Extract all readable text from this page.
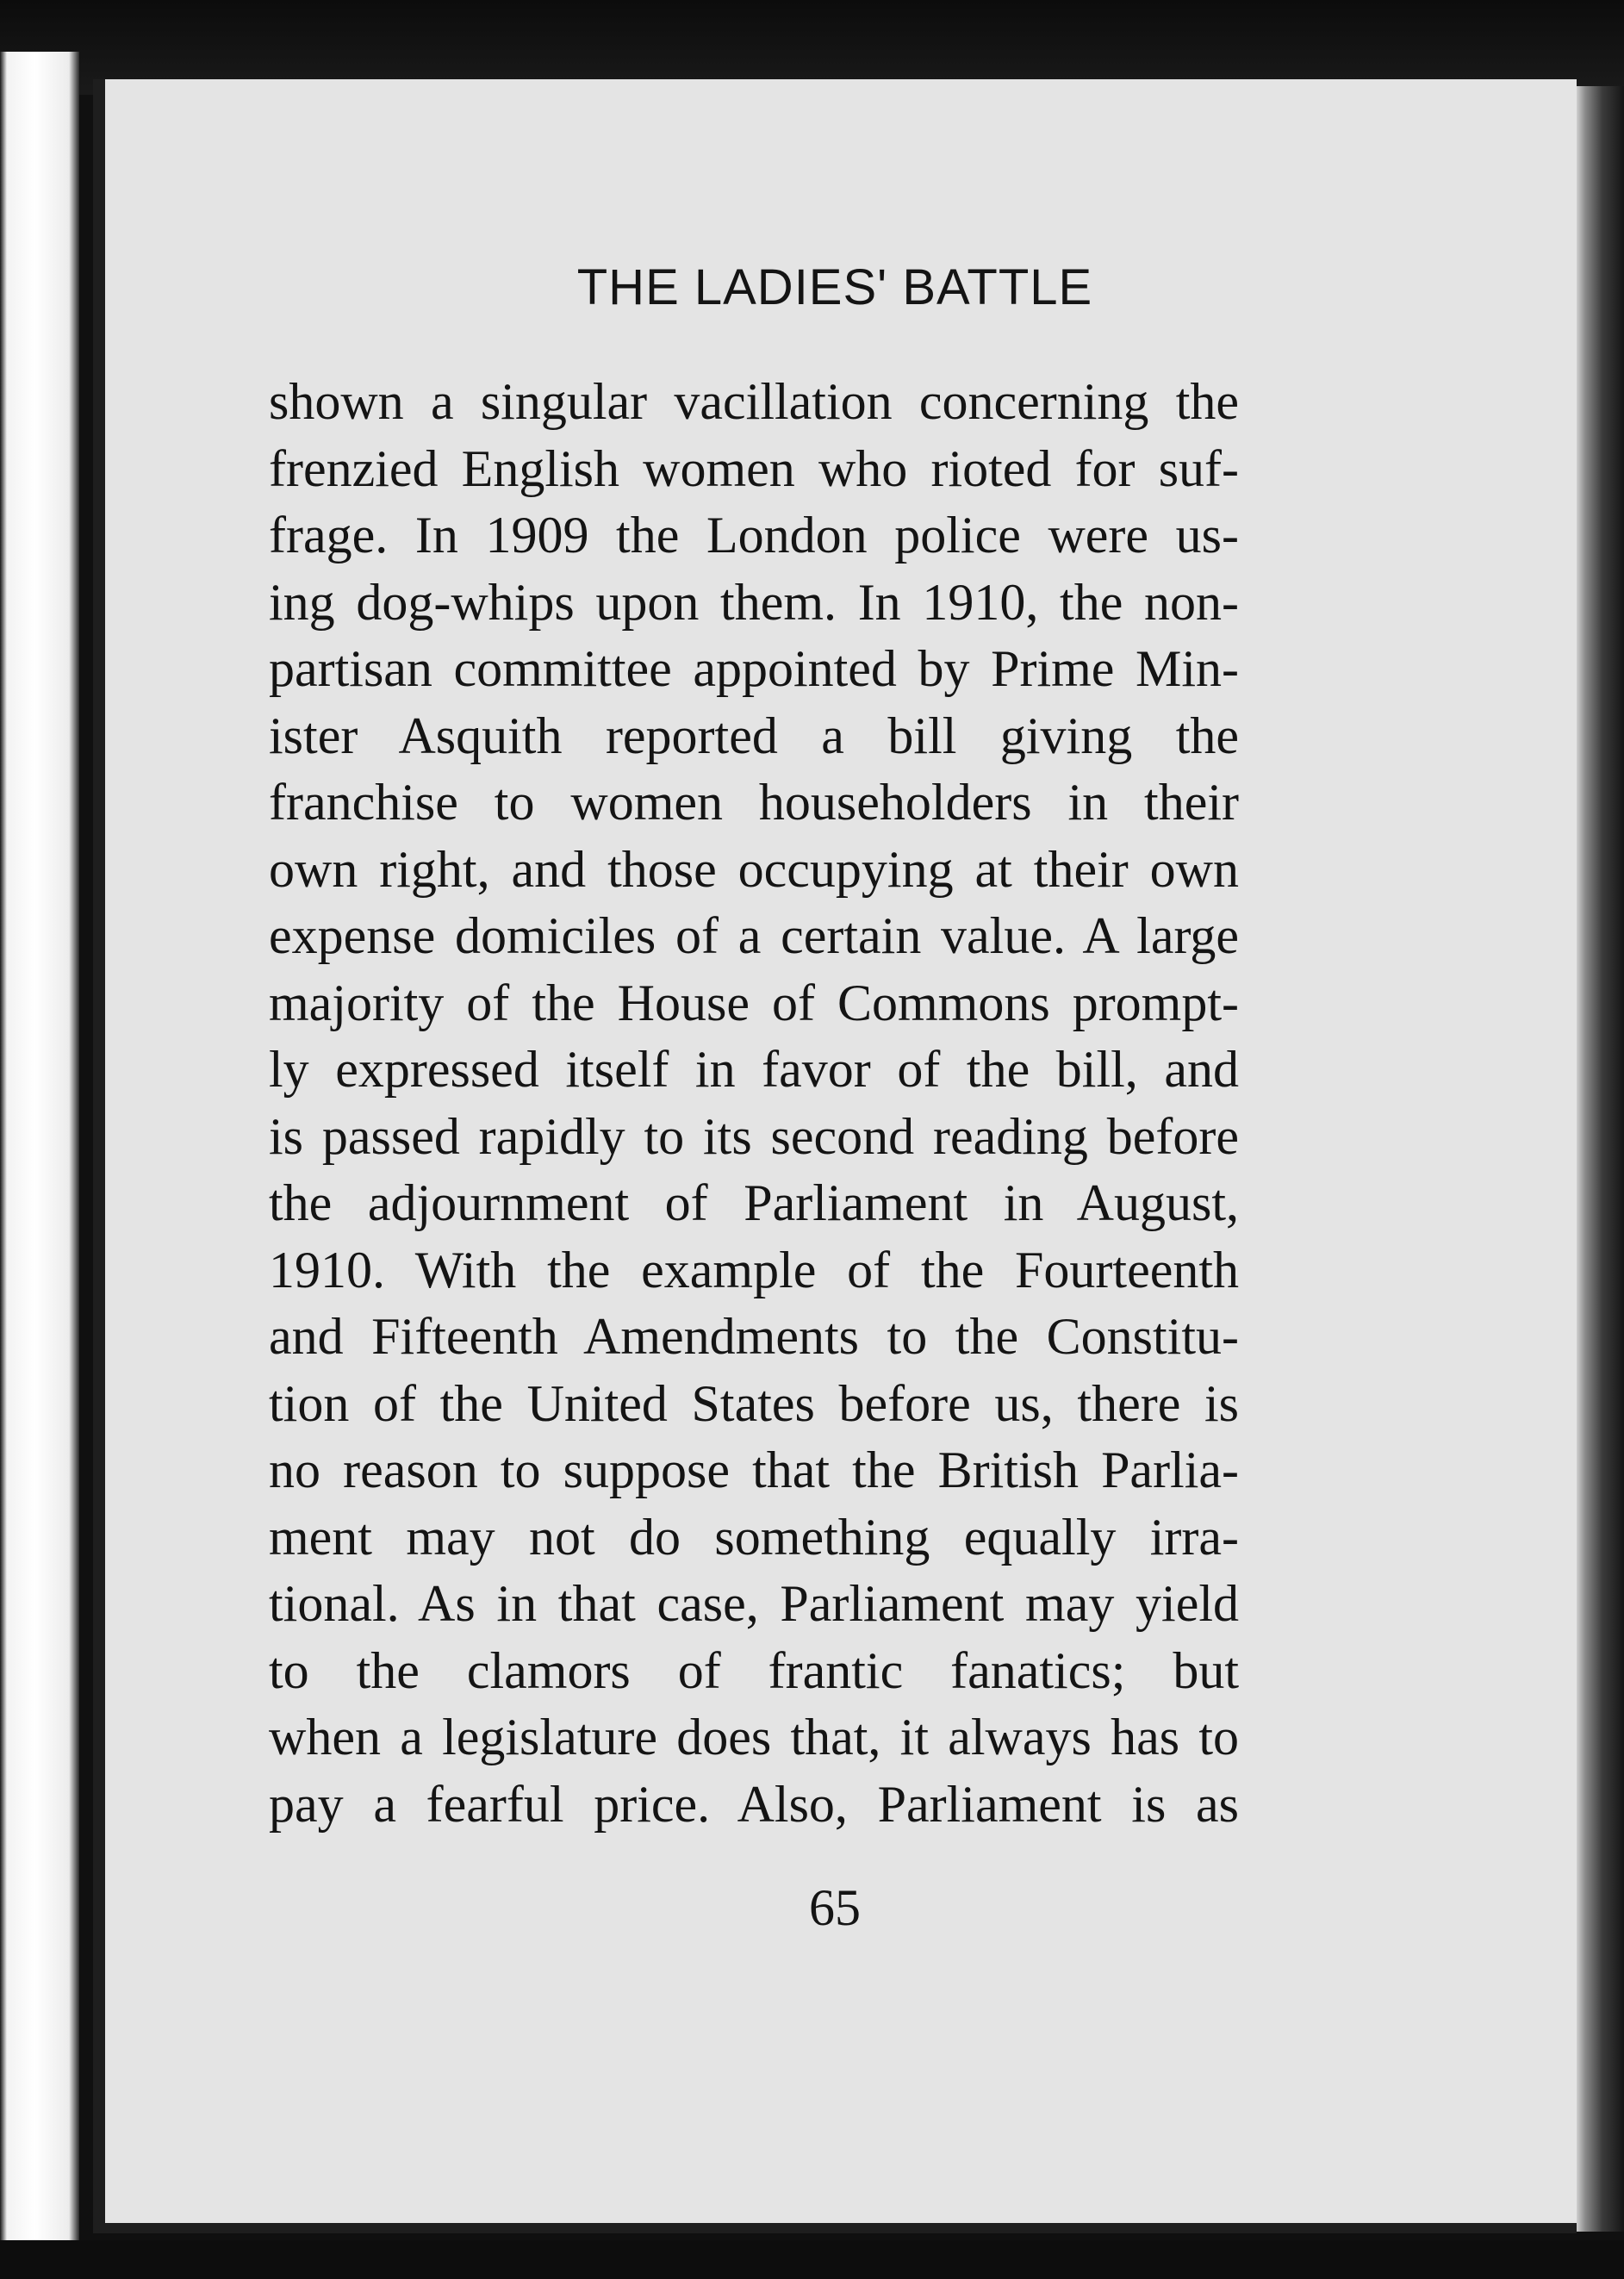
THE LADIES' BATTLE
shown a singular vacillation concerning the
frenzied English women who rioted for suf-
frage. In 1909 the London police were us-
ing dog-whips upon them. In 1910, the non-
partisan committee appointed by Prime Min-
ister Asquith reported a bill giving the
franchise to women householders in their
own right, and those occupying at their own
expense domiciles of a certain value. A large
majority of the House of Commons prompt-
ly expressed itself in favor of the bill, and
is passed rapidly to its second reading before
the adjournment of Parliament in August,
1910. With the example of the Fourteenth
and Fifteenth Amendments to the Constitu-
tion of the United States before us, there is
no reason to suppose that the British Parlia-
ment may not do something equally irra-
tional. As in that case, Parliament may yield
to the clamors of frantic fanatics; but
when a legislature does that, it always has to
pay a fearful price. Also, Parliament is as
65
